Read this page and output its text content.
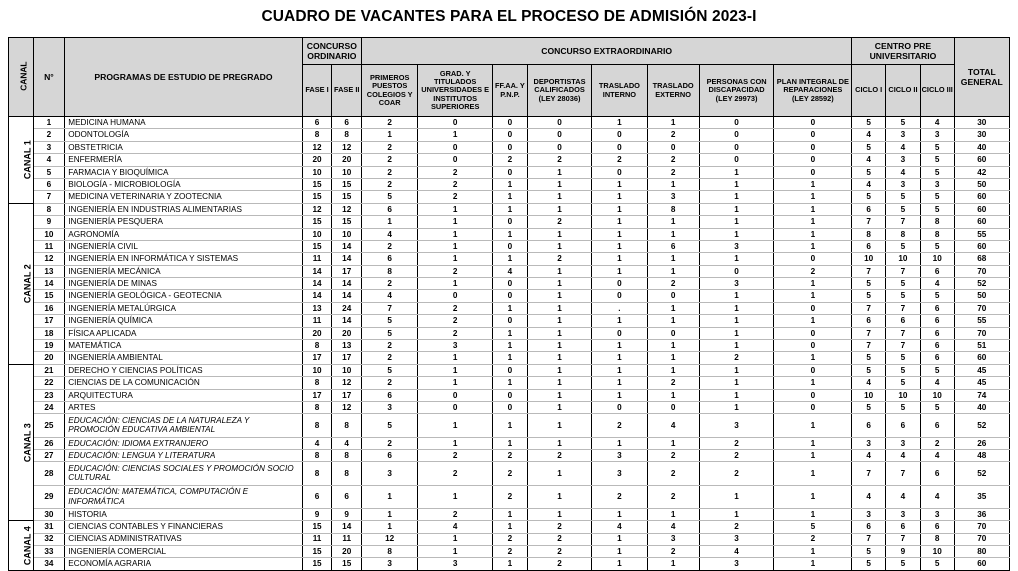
CUADRO DE VACANTES PARA EL PROCESO DE ADMISIÓN 2023-I
CANAL	N°	PROGRAMAS DE ESTUDIO DE PREGRADO	CONCURSO ORDINARIO		CONCURSO EXTRAORDINARIO								CENTRO PRE UNIVERSITARIO			TOTAL GENERAL
			FASE I	FASE II	PRIMEROS PUESTOS COLEGIOS Y COAR	GRAD. Y TITULADOS UNIVERSIDADES E INSTITUTOS SUPERIORES	FF.AA. Y P.N.P.	DEPORTISTAS CALIFICADOS (LEY 28036)	TRASLADO INTERNO	TRASLADO EXTERNO	PERSONAS CON DISCAPACIDAD (LEY 29973)	PLAN INTEGRAL DE REPARACIONES (LEY 28592)	CICLO I	CICLO II	CICLO III	
CANAL 1	1	MEDICINA HUMANA	6	6	2	0	0	0	1	1	0	0	5	5	4	30
	2	ODONTOLOGÍA	8	8	1	1	0	0	0	2	0	0	4	3	3	30
	3	OBSTETRICIA	12	12	2	0	0	0	0	0	0	0	5	4	5	40
	4	ENFERMERÍA	20	20	2	0	2	2	2	2	0	0	4	3	5	60
	5	FARMACIA Y BIOQUÍMICA	10	10	2	2	0	1	0	2	1	0	5	4	5	42
	6	BIOLOGÍA - MICROBIOLOGÍA	15	15	2	2	1	1	1	1	1	1	4	3	3	50
	7	MEDICINA VETERINARIA Y ZOOTECNIA	15	15	5	2	1	1	1	3	1	1	5	5	5	60
CANAL 2	8	INGENIERÍA EN INDUSTRIAS ALIMENTARIAS	12	12	6	1	1	1	1	8	1	1	6	5	5	60
	9	INGENIERÍA PESQUERA	15	15	1	1	0	2	1	1	1	1	7	7	8	60
	10	AGRONOMÍA	10	10	4	1	1	1	1	1	1	1	8	8	8	55
	11	INGENIERÍA CIVIL	15	14	2	1	0	1	1	6	3	1	6	5	5	60
	12	INGENIERÍA EN INFORMÁTICA Y SISTEMAS	11	14	6	1	1	2	1	1	1	0	10	10	10	68
	13	INGENIERÍA MECÁNICA	14	17	8	2	4	1	1	1	0	2	7	7	6	70
	14	INGENIERÍA DE MINAS	14	14	2	1	0	1	0	2	3	1	5	5	4	52
	15	INGENIERÍA GEOLÓGICA - GEOTECNIA	14	14	4	0	0	1	0	0	1	1	5	5	5	50
	16	INGENIERÍA METALÚRGICA	13	24	7	2	1	1	.	1	1	0	7	7	6	70
	17	INGENIERÍA QUÍMICA	11	14	5	2	0	1	1	1	1	1	6	6	6	55
	18	FÍSICA APLICADA	20	20	5	2	1	1	0	0	1	0	7	7	6	70
	19	MATEMÁTICA	8	13	2	3	1	1	1	1	1	0	7	7	6	51
	20	INGENIERÍA AMBIENTAL	17	17	2	1	1	1	1	1	2	1	5	5	6	60
CANAL 3	21	DERECHO Y CIENCIAS POLÍTICAS	10	10	5	1	0	1	1	1	1	0	5	5	5	45
	22	CIENCIAS DE LA COMUNICACIÓN	8	12	2	1	1	1	1	2	1	1	4	5	4	45
	23	ARQUITECTURA	17	17	6	0	0	1	1	1	1	0	10	10	10	74
	24	ARTES	8	12	3	0	0	1	0	0	1	0	5	5	5	40
	25	EDUCACIÓN: CIENCIAS DE LA NATURALEZA Y PROMOCIÓN EDUCATIVA AMBIENTAL	8	8	5	1	1	1	2	4	3	1	6	6	6	52
	26	EDUCACIÓN: IDIOMA EXTRANJERO	4	4	2	1	1	1	1	1	2	1	3	3	2	26
	27	EDUCACIÓN: LENGUA Y LITERATURA	8	8	6	2	2	2	3	2	2	1	4	4	4	48
	28	EDUCACIÓN: CIENCIAS SOCIALES Y PROMOCIÓN SOCIO CULTURAL	8	8	3	2	2	1	3	2	2	1	7	7	6	52
	29	EDUCACIÓN: MATEMÁTICA, COMPUTACIÓN E INFORMÁTICA	6	6	1	1	2	1	2	2	1	1	4	4	4	35
	30	HISTORIA	9	9	1	2	1	1	1	1	1	1	3	3	3	36
CANAL 4	31	CIENCIAS CONTABLES Y FINANCIERAS	15	14	1	4	1	2	4	4	2	5	6	6	6	70
	32	CIENCIAS ADMINISTRATIVAS	11	11	12	1	2	2	1	3	3	2	7	7	8	70
	33	INGENIERÍA COMERCIAL	15	20	8	1	2	2	1	2	4	1	5	9	10	80
	34	ECONOMÍA AGRARIA	15	15	3	3	1	2	1	1	3	1	5	5	5	60
